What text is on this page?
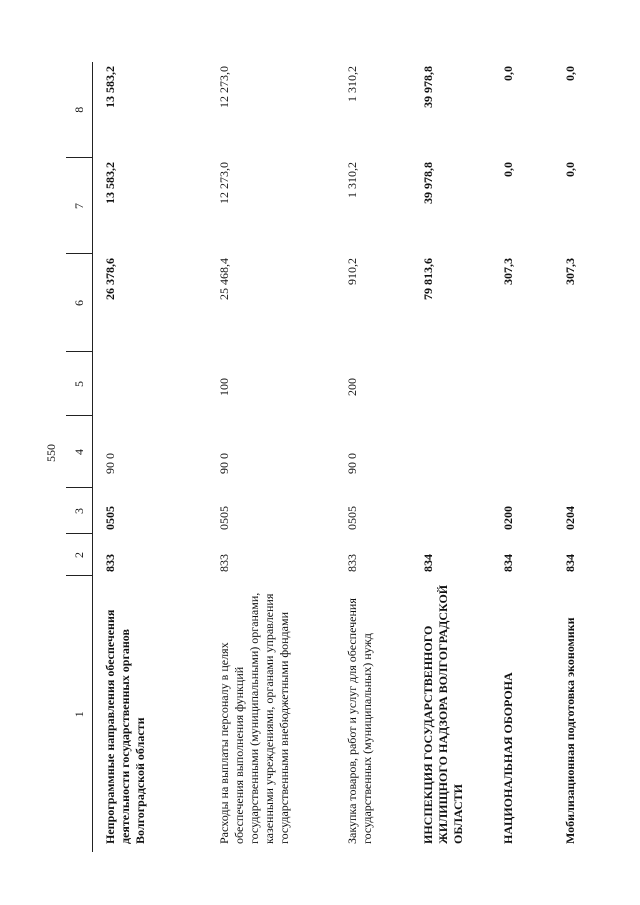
550
1	2	3	4	5	6	7	8
Непрограммные направления обеспечения деятельности государственных органов Волгоградской области	833	0505	90 0		26 378,6	13 583,2	13 583,2
Расходы на выплаты персоналу в целях обеспечения выполнения функций государственными (муниципальными) органами, казенными учреждениями, органами управления государственными внебюджетными фондами	833	0505	90 0	100	25 468,4	12 273,0	12 273,0
Закупка товаров, работ и услуг для обеспечения государственных (муниципальных) нужд	833	0505	90 0	200	910,2	1 310,2	1 310,2
ИНСПЕКЦИЯ ГОСУДАРСТВЕННОГО ЖИЛИЩНОГО НАДЗОРА ВОЛГОГРАДСКОЙ ОБЛАСТИ	834				79 813,6	39 978,8	39 978,8
НАЦИОНАЛЬНАЯ ОБОРОНА	834	0200			307,3	0,0	0,0
Мобилизационная подготовка экономики	834	0204			307,3	0,0	0,0
